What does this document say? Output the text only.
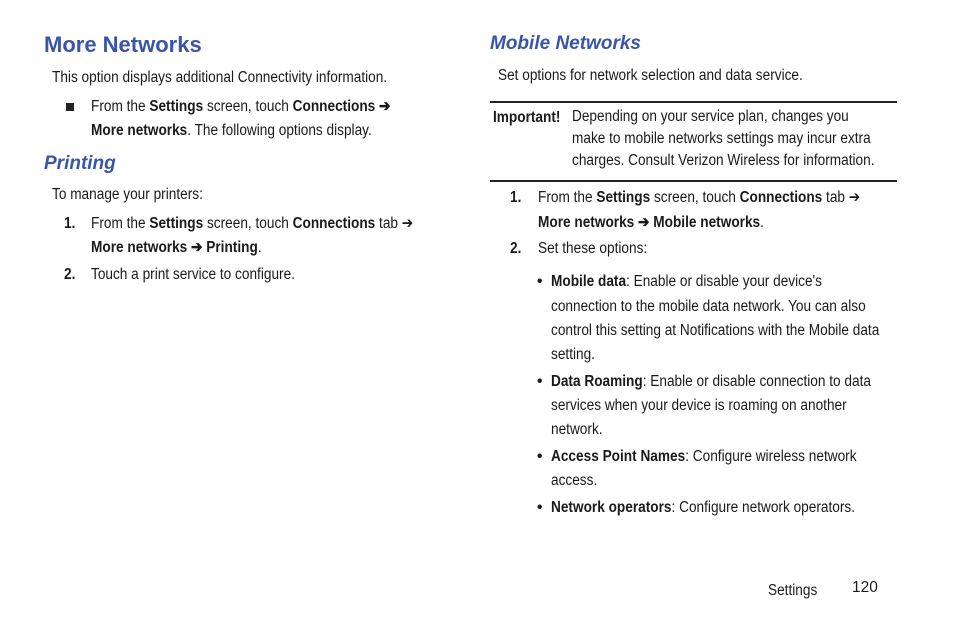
More Networks

This option displays additional Connectivity information.

From the Settings screen, touch Connections ➔

More networks. The following options display.

Printing

To manage your printers:

1. From the Settings screen, touch Connections tab ➔

More networks ➔ Printing.

2. Touch a print service to configure.

Mobile Networks

Set options for network selection and data service.

Important! Depending on your service plan, changes you

make to mobile networks settings may incur extra

charges. Consult Verizon Wireless for information.

1. From the Settings screen, touch Connections tab ➔

More networks ➔ Mobile networks.

2. Set these options:

• Mobile data: Enable or disable your device's

connection to the mobile data network. You can also

control this setting at Notifications with the Mobile data

setting.

• Data Roaming: Enable or disable connection to data

services when your device is roaming on another

network.

• Access Point Names: Configure wireless network

access.

• Network operators: Configure network operators.

Settings 120
